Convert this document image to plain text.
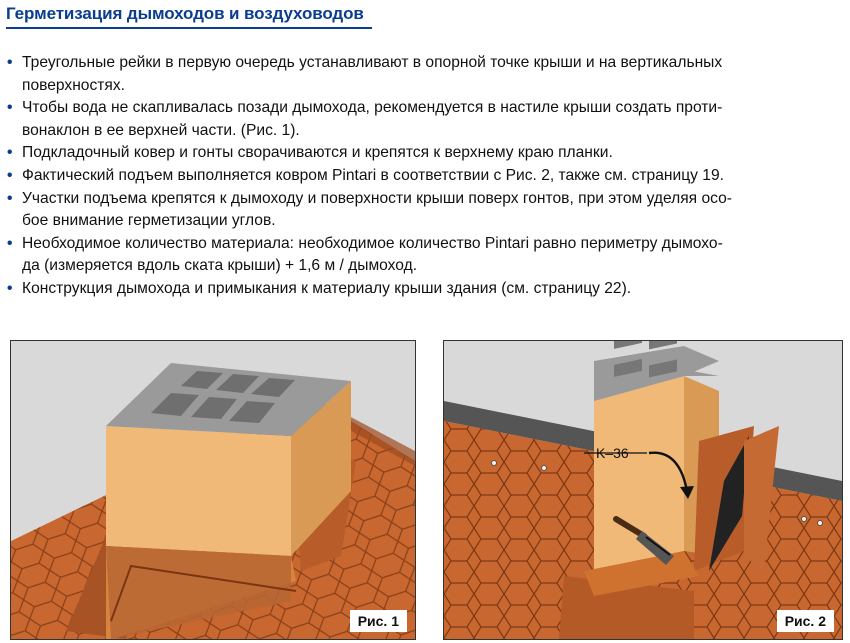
Герметизация дымоходов и воздуховодов
• Треугольные рейки в первую очередь устанавливают в опорной точке крыши и на вертикальных
поверхностях.
• Чтобы вода не скапливалась позади дымохода, рекомендуется в настиле крыши создать проти-
вонаклон в ее верхней части. (Рис. 1).
• Подкладочный ковер и гонты сворачиваются и крепятся к верхнему краю планки.
• Фактический подъем выполняется ковром Pintari в соответствии с Рис. 2, также см. страницу 19.
• Участки подъема крепятся к дымоходу и поверхности крыши поверх гонтов, при этом уделяя осо-
бое внимание герметизации углов.
• Необходимое количество материала: необходимое количество Pintari равно периметру дымохо-
да (измеряется вдоль ската крыши) + 1,6 м / дымоход.
• Конструкция дымохода и примыкания к материалу крыши здания (см. страницу 22).
Рис. 1
K–36
Рис. 2
